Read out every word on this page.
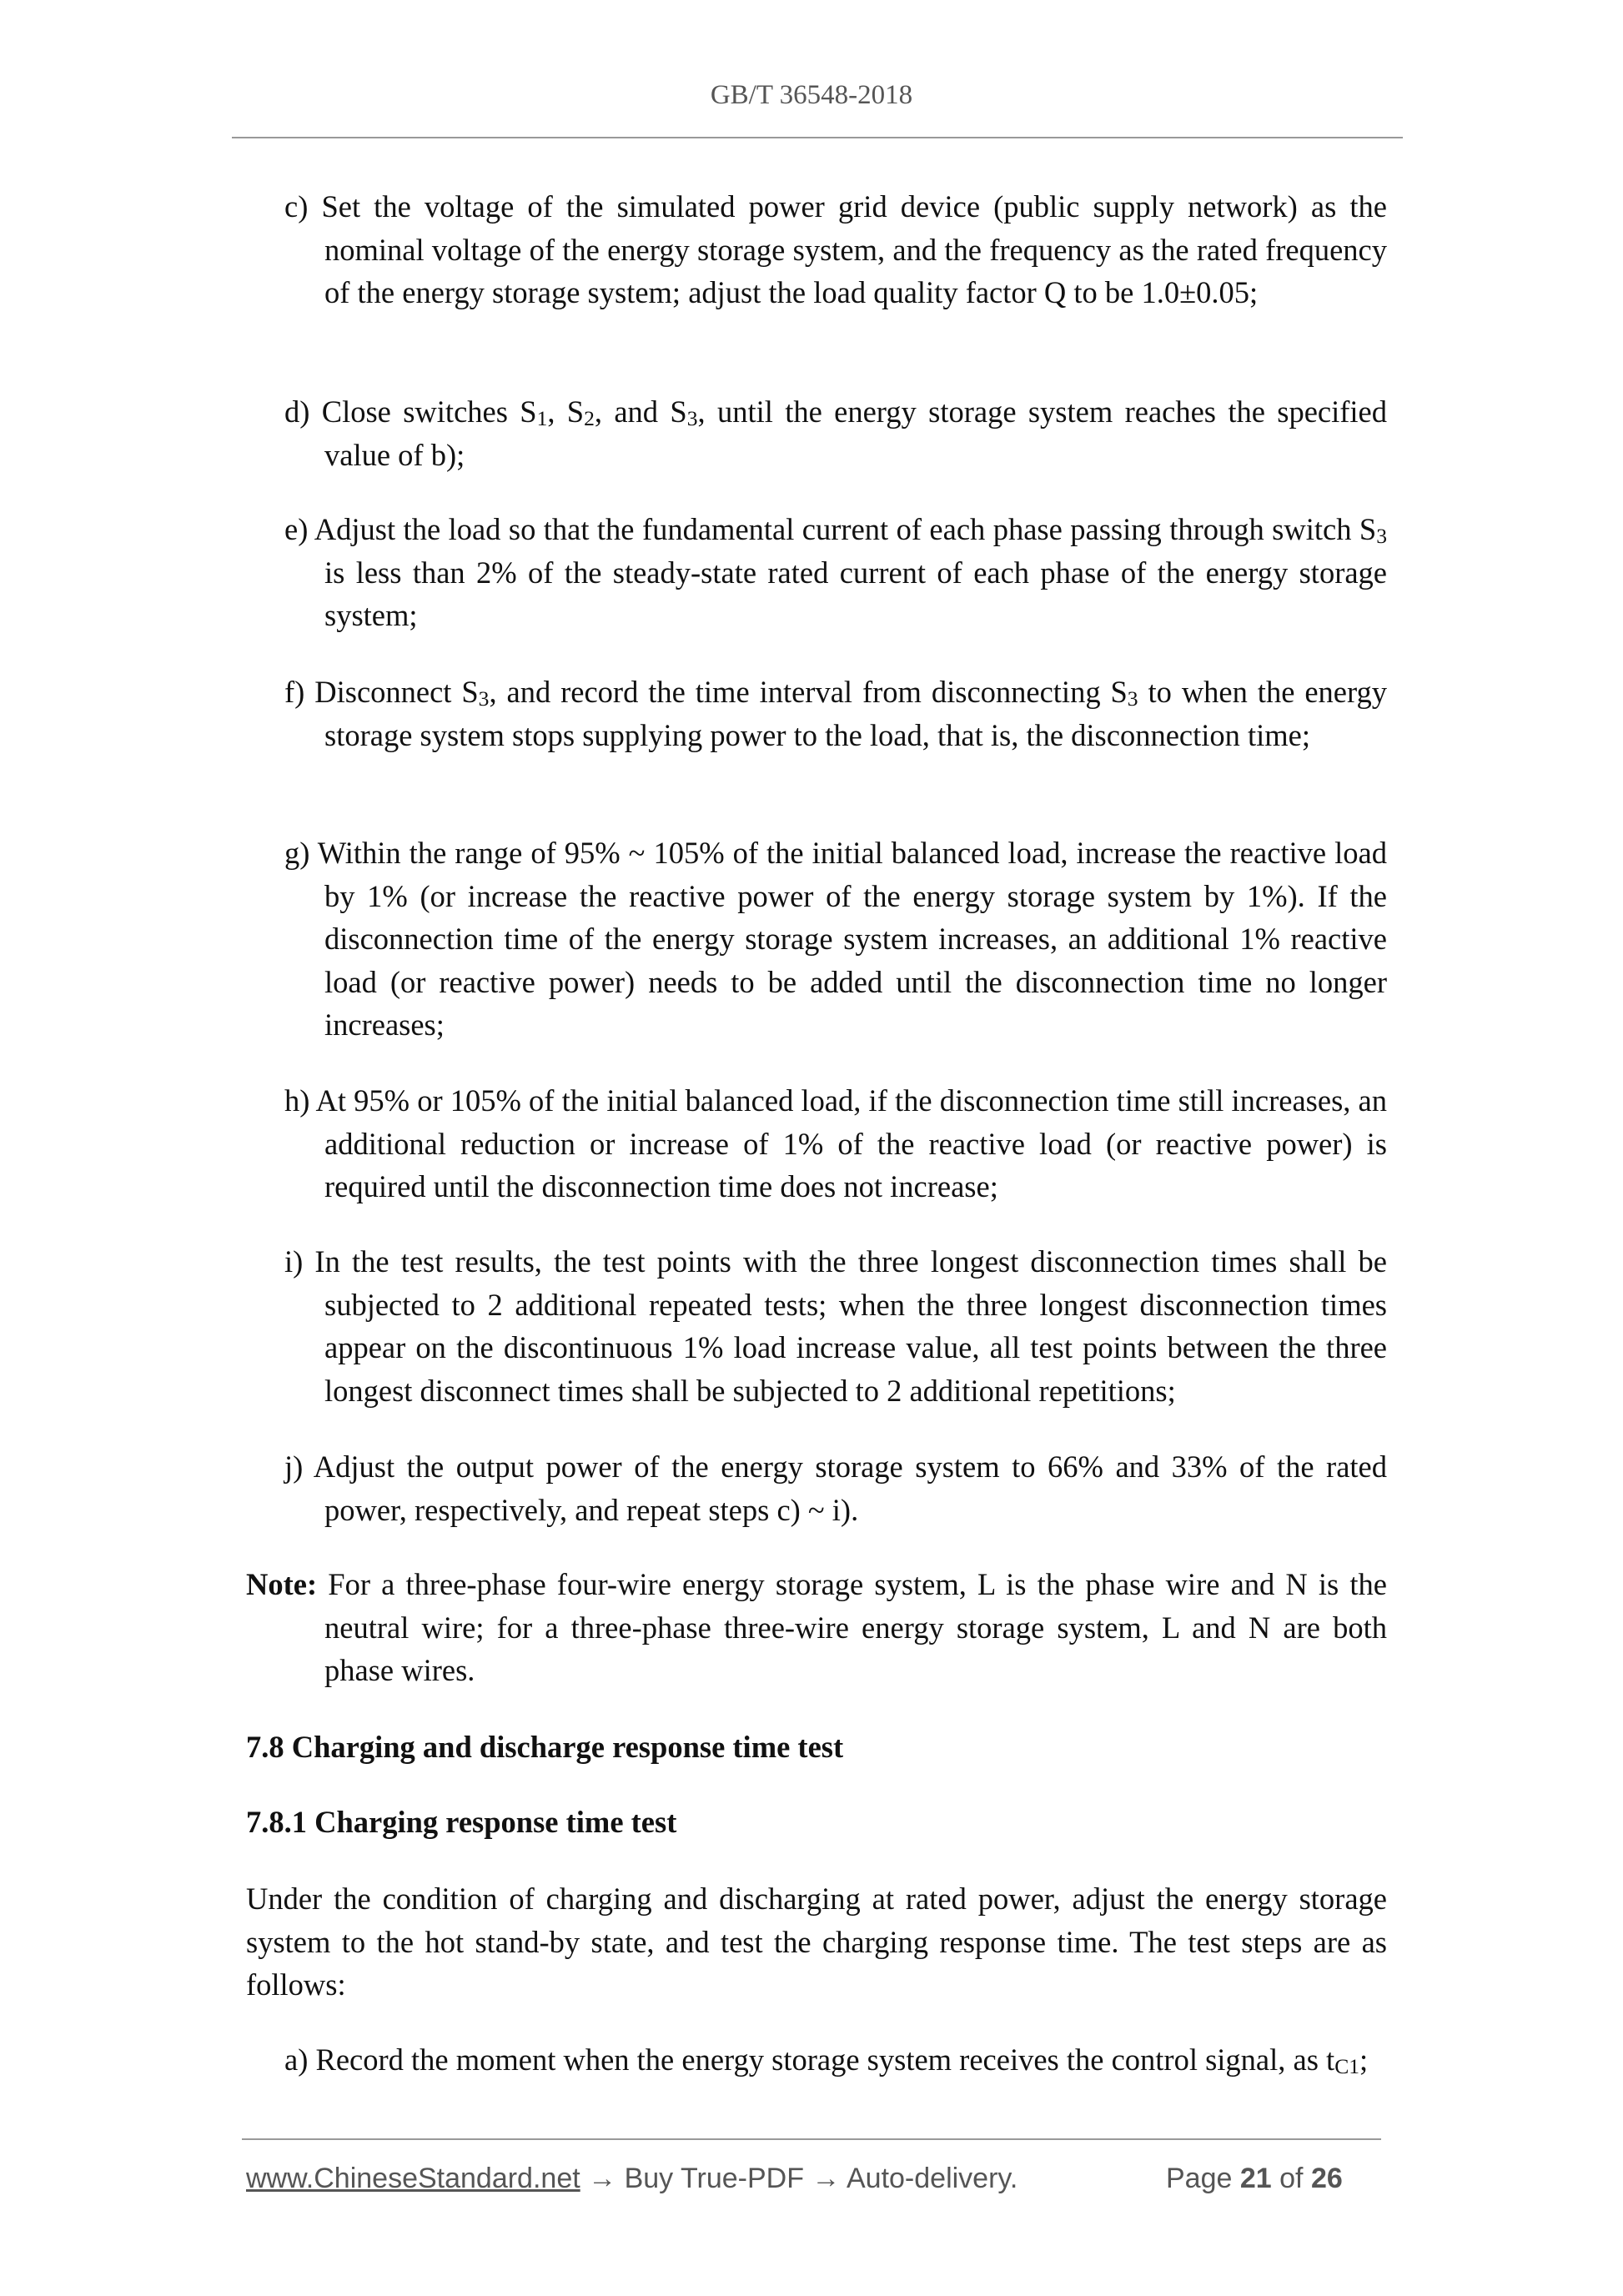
GB/T 36548-2018
c) Set the voltage of the simulated power grid device (public supply network) as the nominal voltage of the energy storage system, and the frequency as the rated frequency of the energy storage system; adjust the load quality factor Q to be 1.0±0.05;
d) Close switches $S_1$, $S_2$, and $S_3$, until the energy storage system reaches the specified value of b);
e) Adjust the load so that the fundamental current of each phase passing through switch $S_3$ is less than 2% of the steady-state rated current of each phase of the energy storage system;
f) Disconnect $S_3$, and record the time interval from disconnecting $S_3$ to when the energy storage system stops supplying power to the load, that is, the disconnection time;
g) Within the range of 95% ~ 105% of the initial balanced load, increase the reactive load by 1% (or increase the reactive power of the energy storage system by 1%). If the disconnection time of the energy storage system increases, an additional 1% reactive load (or reactive power) needs to be added until the disconnection time no longer increases;
h) At 95% or 105% of the initial balanced load, if the disconnection time still increases, an additional reduction or increase of 1% of the reactive load (or reactive power) is required until the disconnection time does not increase;
i) In the test results, the test points with the three longest disconnection times shall be subjected to 2 additional repeated tests; when the three longest disconnection times appear on the discontinuous 1% load increase value, all test points between the three longest disconnect times shall be subjected to 2 additional repetitions;
j) Adjust the output power of the energy storage system to 66% and 33% of the rated power, respectively, and repeat steps c) ~ i).
Note: For a three-phase four-wire energy storage system, L is the phase wire and N is the neutral wire; for a three-phase three-wire energy storage system, L and N are both phase wires.
7.8 Charging and discharge response time test
7.8.1 Charging response time test
Under the condition of charging and discharging at rated power, adjust the energy storage system to the hot stand-by state, and test the charging response time. The test steps are as follows:
a) Record the moment when the energy storage system receives the control signal, as $t_{C1}$;
www.ChineseStandard.net → Buy True-PDF → Auto-delivery.	Page 21 of 26
